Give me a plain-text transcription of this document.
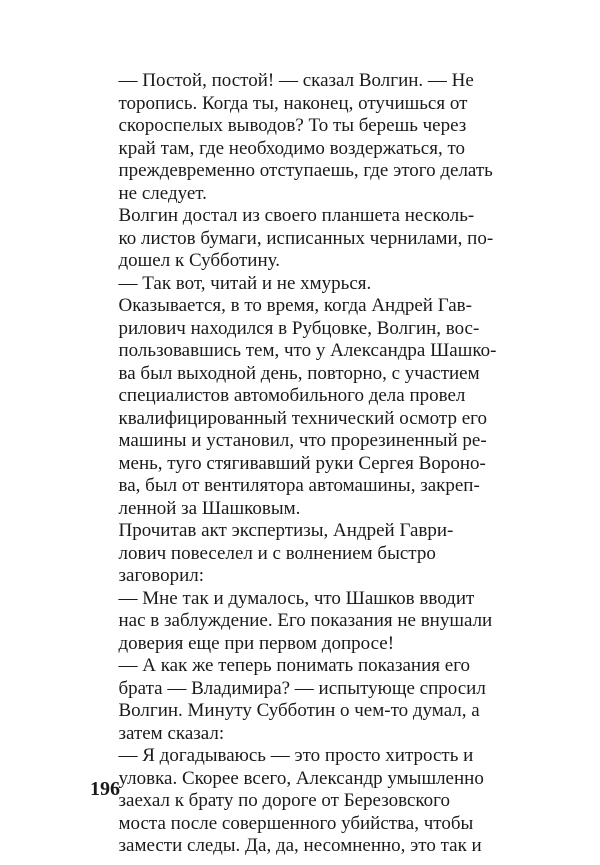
— Постой, постой! — сказал Волгин. — Не
торопись. Когда ты, наконец, отучишься от
скороспелых выводов? То ты берешь через
край там, где необходимо воздержаться, то
преждевременно отступаешь, где этого делать
не следует.

Волгин достал из своего планшета несколь-
ко листов бумаги, исписанных чернилами, по-
дошел к Субботину.

— Так вот, читай и не хмурься.

Оказывается, в то время, когда Андрей Гав-
рилович находился в Рубцовке, Волгин, вос-
пользовавшись тем, что у Александра Шашко-
ва был выходной день, повторно, с участием
специалистов автомобильного дела провел
квалифицированный технический осмотр его
машины и установил, что прорезиненный ре-
мень, туго стягивавший руки Сергея Вороно-
ва, был от вентилятора автомашины, закреп-
ленной за Шашковым.

Прочитав акт экспертизы, Андрей Гаври-
лович повеселел и с волнением быстро
заговорил:

— Мне так и думалось, что Шашков вводит
нас в заблуждение. Его показания не внушали
доверия еще при первом допросе!

— А как же теперь понимать показания его
брата — Владимира? — испытующе спросил
Волгин. Минуту Субботин о чем-то думал, а
затем сказал:

— Я догадываюсь — это просто хитрость и
уловка. Скорее всего, Александр умышленно
заехал к брату по дороге от Березовского
моста после совершенного убийства, чтобы
замести следы. Да, да, несомненно, это так и

196
